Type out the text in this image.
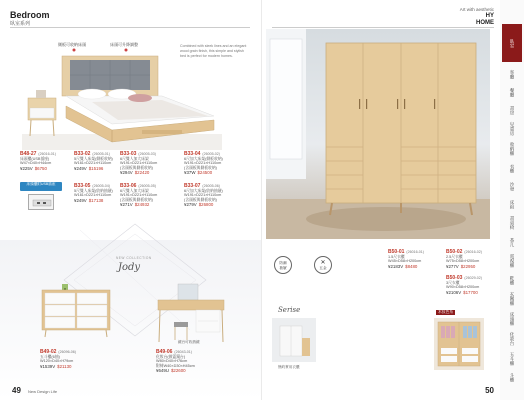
Bedroom
臥室系列
側板可收納床頭	床頭可升降調整	Combined with sleek lines and an elegant wood grain finish, this simple and stylish bed is perfect for modern homes.
B48-27 (26016-01)
床頭櫃(USB插座)
W47×D40×H44cm
¥225V $6750
B33-02 (26005-01)
5尺雙人床架(側板收納)
W161×D221×H110cm
¥249V $15196
B33-03 (26005-03)
6尺雙人加大床架
W191×D221×H110cm
(含頭板與側板收納)
¥294V $22420
B33-04 (26005-02)
6尺加大床架(側板收納)
W191×D221×H110cm
(含頭板與側板收納)
¥37W $24500
床頭櫃附USB插座	B33-05 (26005-04)
5尺雙人床架(收納抽屜)
W161×D221×H110cm
¥249V $17138
B33-06 (26005-05)
6尺雙人加大床架
W191×D221×H110cm
(含頭板與側板收納)
¥271V $24932
B33-07 (26005-06)
6尺加大床架(收納抽屜)
W191×D221×H110cm
(含頭板與側板收納)
¥279V $26800
NEW COLLECTION
Jody
鏡台可收納鏡
B49-02 (26096-06)
五斗櫃(6抽)
W120×D40×H79cm
¥1539V $21130
B49-06 (26043-01)
化妝台(掀蓋鏡台)
W80×D40×H76cm
附椅W40×D30×H45cm
¥649U $22600
49 New Design Life
Art with aesthetic
HY
HOME
防潮
抽屜
✕
五金
B50-01 (26016-01)
1.5尺衣櫃
W45×D58×H200cm
¥2183V $8480
B50-02 (26016-02)
2.5尺衣櫃
W75×D58×H200cm
¥277V $22950
B50-03 (26029-02)
3尺衣櫃
W90×D58×H200cm
¥2106V $17700
Serise
簡約實用衣櫃
木紋色系
50
臥室
客廳
餐廳
書房
兒童房
收納櫃
衣櫃
沙發
床組
書桌椅
茶几
電視櫃
鞋櫃
玄關櫃
床頭櫃
化妝台
五斗櫃
斗櫃
